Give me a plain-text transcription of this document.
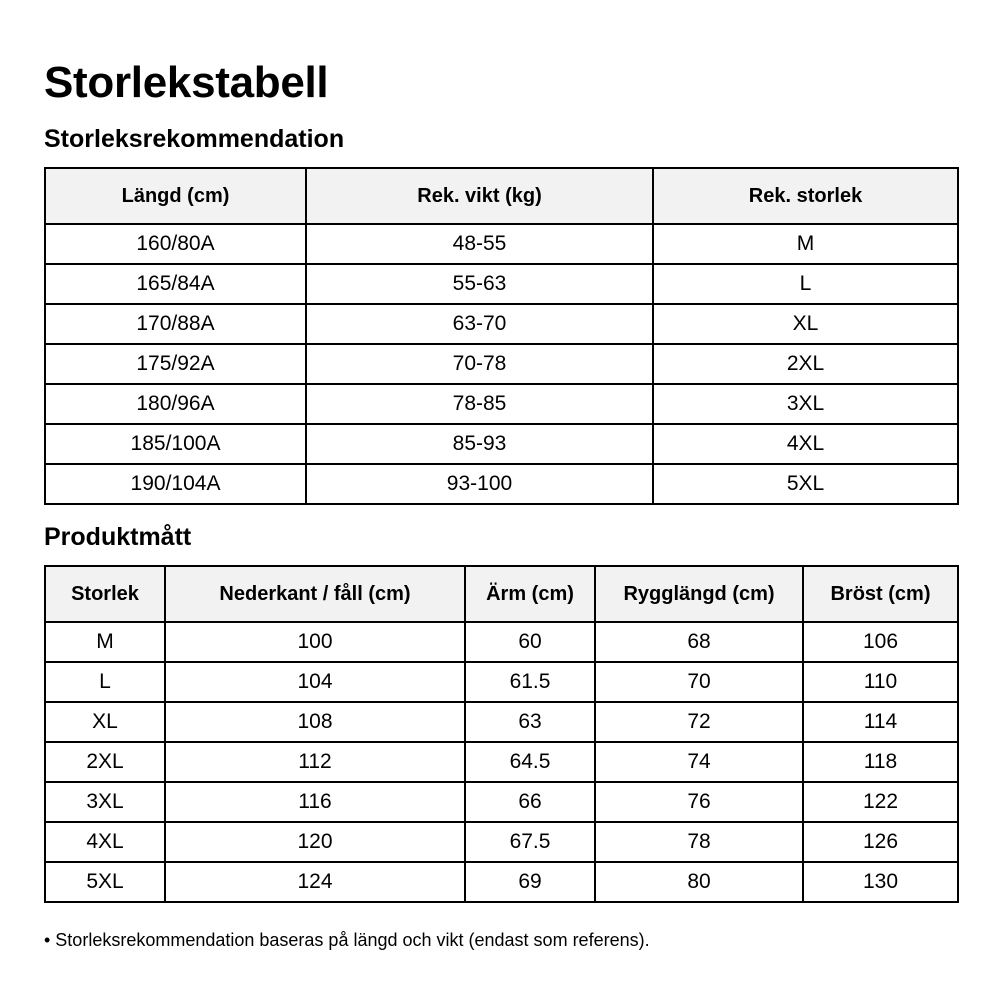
Storlekstabell
Storleksrekommendation
Längd (cm)	Rek. vikt (kg)	Rek. storlek
160/80A	48-55	M
165/84A	55-63	L
170/88A	63-70	XL
175/92A	70-78	2XL
180/96A	78-85	3XL
185/100A	85-93	4XL
190/104A	93-100	5XL
Produktmått
Storlek	Nederkant / fåll (cm)	Ärm (cm)	Rygglängd (cm)	Bröst (cm)
M	100	60	68	106
L	104	61.5	70	110
XL	108	63	72	114
2XL	112	64.5	74	118
3XL	116	66	76	122
4XL	120	67.5	78	126
5XL	124	69	80	130

• Storleksrekommendation baseras på längd och vikt (endast som referens).
